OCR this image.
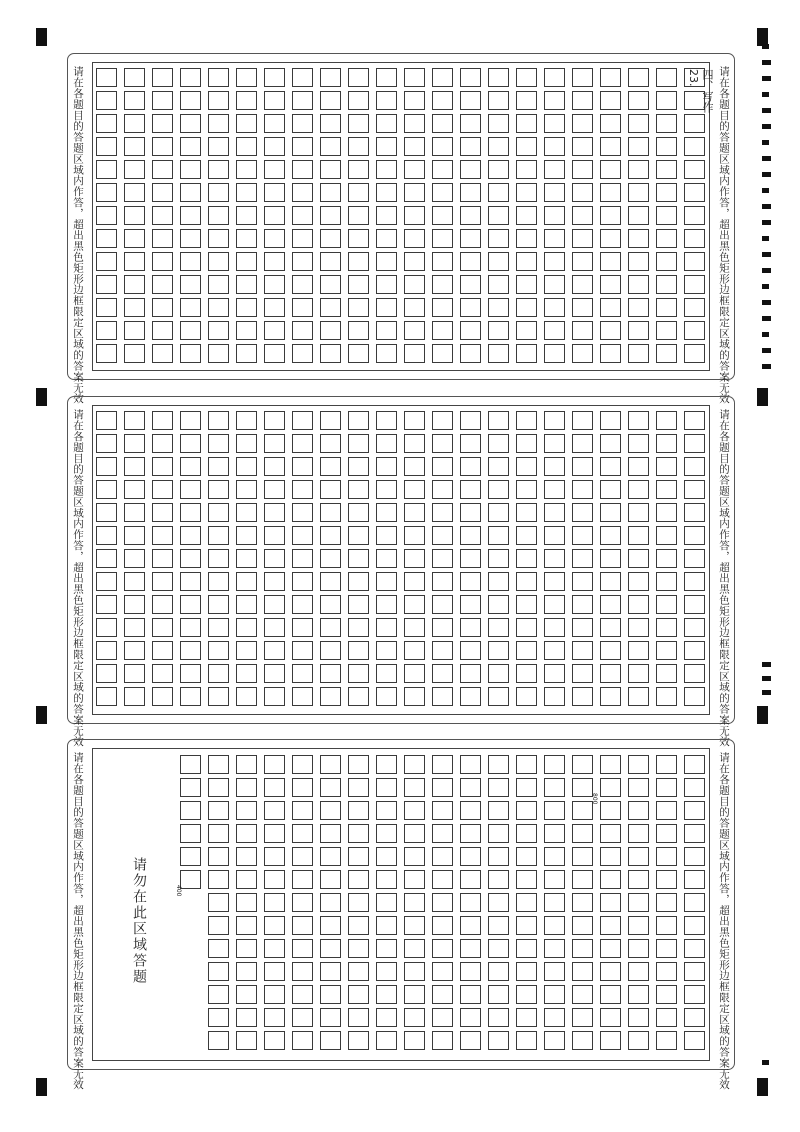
请在各题目的答题区域内作答，超出黑色矩形边框限定区域的答案无效	请在各题目的答题区域内作答，超出黑色矩形边框限定区域的答案无效
四、写作
23.
请在各题目的答题区域内作答，超出黑色矩形边框限定区域的答案无效	请在各题目的答题区域内作答，超出黑色矩形边框限定区域的答案无效
请在各题目的答题区域内作答，超出黑色矩形边框限定区域的答案无效	请在各题目的答题区域内作答，超出黑色矩形边框限定区域的答案无效
请勿在此区域答题	400
800
